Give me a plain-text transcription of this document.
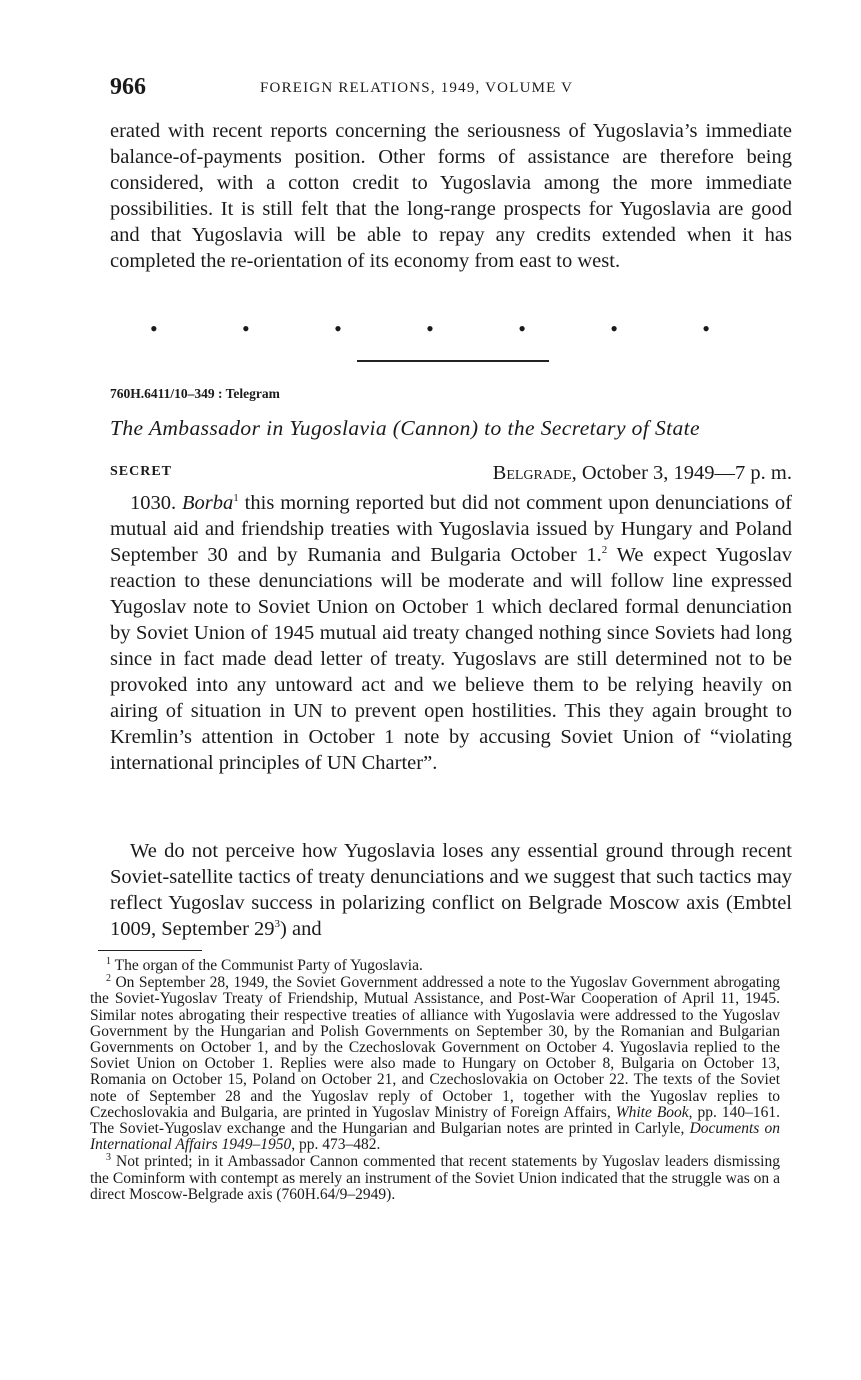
966	FOREIGN RELATIONS, 1949, VOLUME V

erated with recent reports concerning the seriousness of Yugoslavia’s immediate balance-of-payments position. Other forms of assistance are therefore being considered, with a cotton credit to Yugoslavia among the more immediate possibilities. It is still felt that the long-range prospects for Yugoslavia are good and that Yugoslavia will be able to repay any credits extended when it has completed the re-orientation of its economy from east to west.

•	•	•	•	•	•	•
760H.6411/10–349 : Telegram
The Ambassador in Yugoslavia (Cannon) to the Secretary of State
SECRET	Belgrade, October 3, 1949—7 p. m.

1030. Borba$^1$ this morning reported but did not comment upon denunciations of mutual aid and friendship treaties with Yugoslavia issued by Hungary and Poland September 30 and by Rumania and Bulgaria October 1.$^2$ We expect Yugoslav reaction to these denunciations will be moderate and will follow line expressed Yugoslav note to Soviet Union on October 1 which declared formal denunciation by Soviet Union of 1945 mutual aid treaty changed nothing since Soviets had long since in fact made dead letter of treaty. Yugoslavs are still determined not to be provoked into any untoward act and we believe them to be relying heavily on airing of situation in UN to prevent open hostilities. This they again brought to Kremlin’s attention in October 1 note by accusing Soviet Union of “violating international principles of UN Charter”.

We do not perceive how Yugoslavia loses any essential ground through recent Soviet-satellite tactics of treaty denunciations and we suggest that such tactics may reflect Yugoslav success in polarizing conflict on Belgrade Moscow axis (Embtel 1009, September $29^3$) and

$^1$ The organ of the Communist Party of Yugoslavia.

$^2$ On September 28, 1949, the Soviet Government addressed a note to the Yugoslav Government abrogating the Soviet-Yugoslav Treaty of Friendship, Mutual Assistance, and Post-War Cooperation of April 11, 1945. Similar notes abrogating their respective treaties of alliance with Yugoslavia were addressed to the Yugoslav Government by the Hungarian and Polish Governments on September 30, by the Romanian and Bulgarian Governments on October 1, and by the Czechoslovak Government on October 4. Yugoslavia replied to the Soviet Union on October 1. Replies were also made to Hungary on October 8, Bulgaria on October 13, Romania on October 15, Poland on October 21, and Czechoslovakia on October 22. The texts of the Soviet note of September 28 and the Yugoslav reply of October 1, together with the Yugoslav replies to Czechoslovakia and Bulgaria, are printed in Yugoslav Ministry of Foreign Affairs, White Book, pp. 140–161. The Soviet-Yugoslav exchange and the Hungarian and Bulgarian notes are printed in Carlyle, Documents on International Affairs 1949–1950, pp. 473–482.

$^3$ Not printed; in it Ambassador Cannon commented that recent statements by Yugoslav leaders dismissing the Cominform with contempt as merely an instrument of the Soviet Union indicated that the struggle was on a direct Moscow-Belgrade axis (760H.64/9–2949).
